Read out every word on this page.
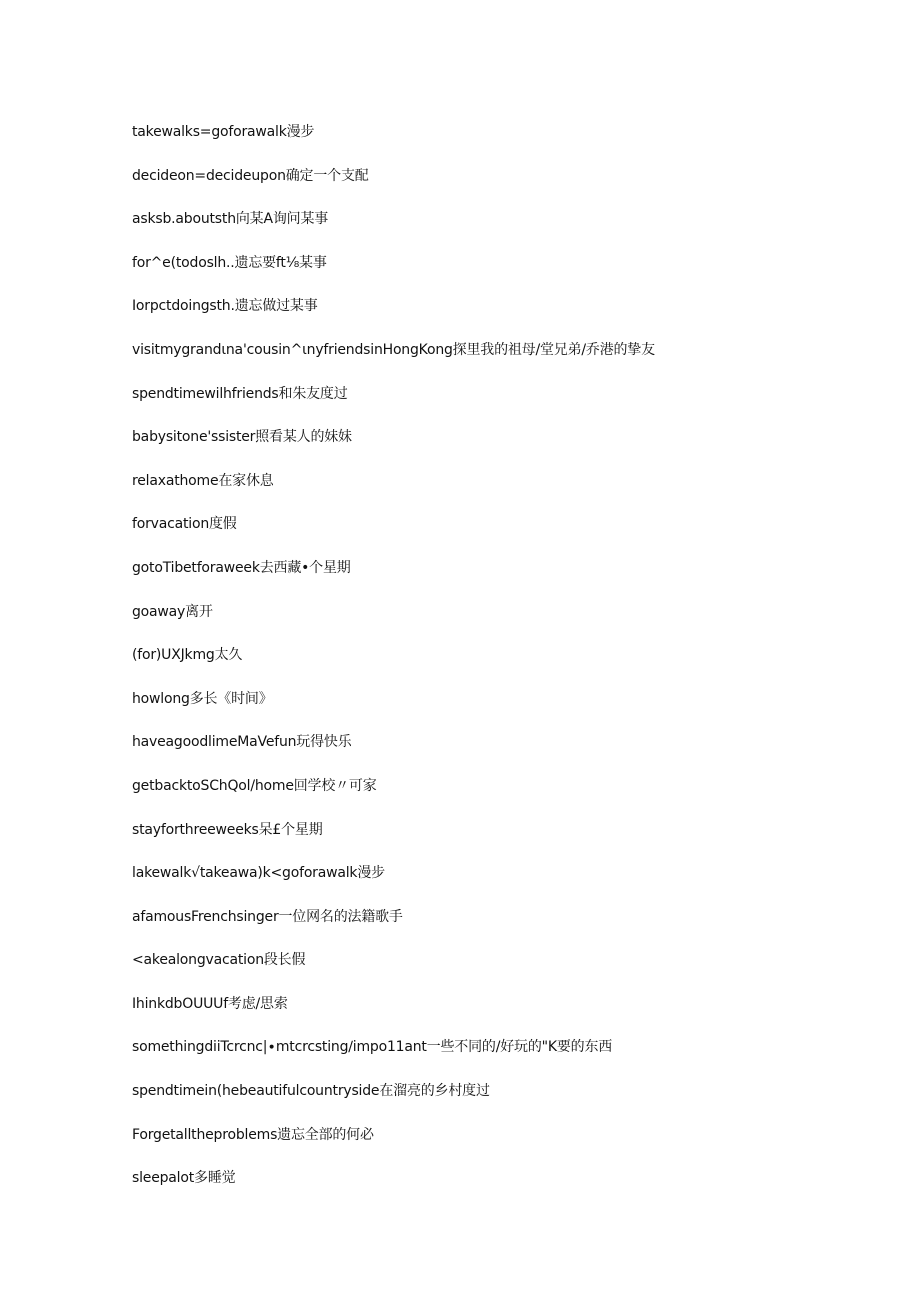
takewalks=goforawalk漫步
decideon=decideupon确定一个支配
asksb.aboutsth向某A询问某事
for^e(todoslh..遗忘要ft⅛某事
Iorpctdoingsth.遗忘做过某事
visitmygrandιna'cousin^ιnyfriendsinHongKong探里我的祖母/堂兄弟/乔港的挚友
spendtimewilhfriends和朱友度过
babysitone'ssister照看某人的妹妹
relaxathome在家休息
forvacation度假
gotoTibetforaweek去西藏•个星期
goaway离开
(for)UXJkmg太久
howlong多长《时间》
haveagoodlimeMaVefun玩得快乐
getbacktoSChQol/home回学校〃可家
stayforthreeweeks呆£个星期
lakewalk√takeawa)k<goforawalk漫步
afamousFrenchsinger一位网名的法籍歌手
<akealongvacation段长假
IhinkdbOUUUf考虑/思索
somethingdiiTcrcnc|∙mtcrcsting∕impo11ant一些不同的/好玩的"K要的东西
spendtimein(hebeautifulcountryside在溜亮的乡村度过
Forgetalltheproblems遗忘全部的何必
sleepalot多睡觉
